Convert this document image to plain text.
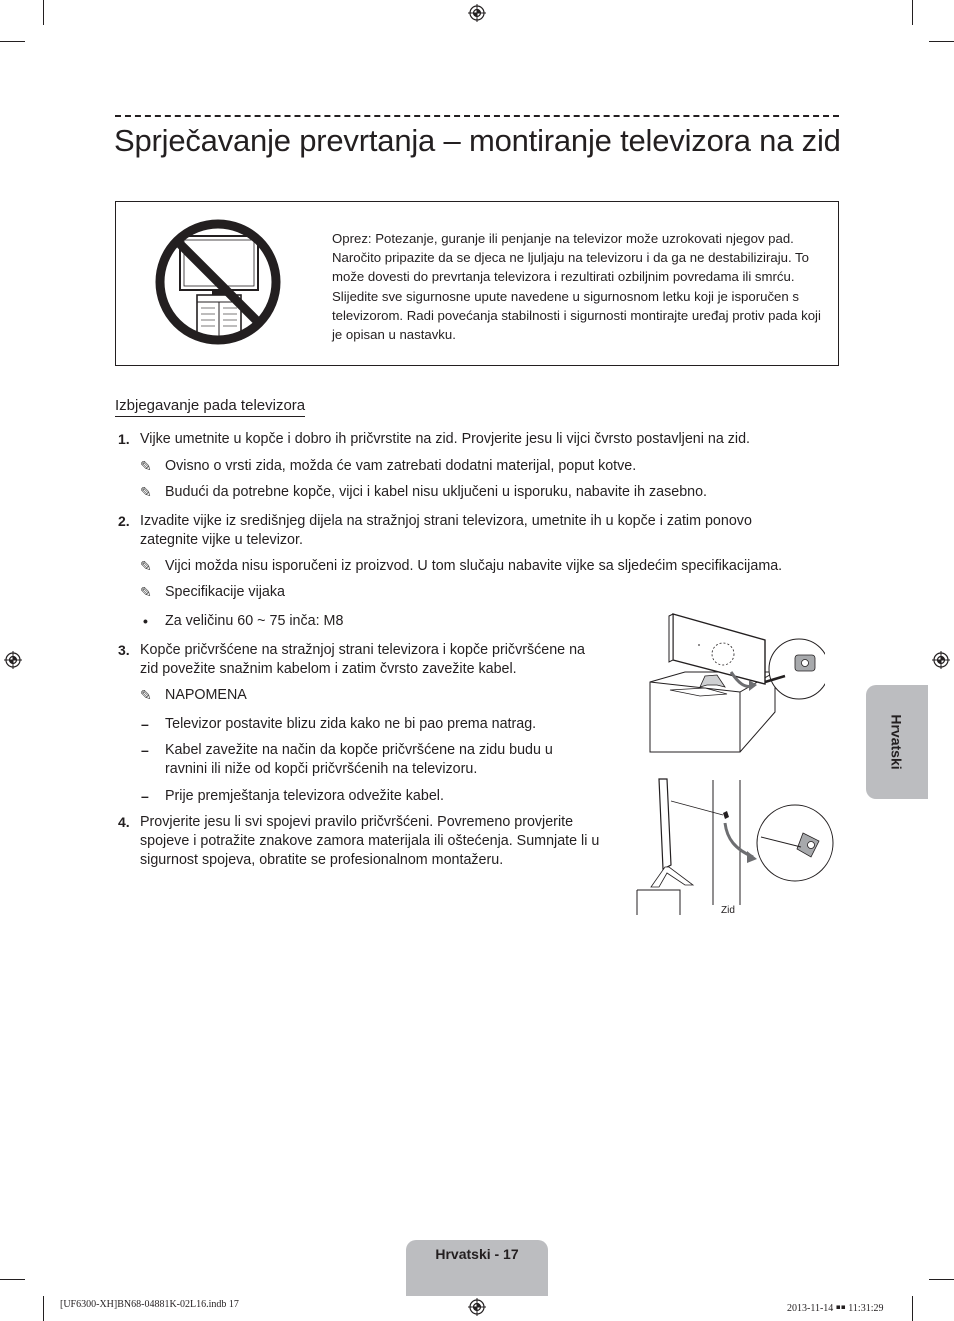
Sprječavanje prevrtanja – montiranje televizora na zid
Oprez: Potezanje, guranje ili penjanje na televizor može uzrokovati njegov pad. Naročito pripazite da se djeca ne ljuljaju na televizoru i da ga ne destabiliziraju. To može dovesti do prevrtanja televizora i rezultirati ozbiljnim povredama ili smrću. Slijedite sve sigurnosne upute navedene u sigurnosnom letku koji je isporučen s televizorom. Radi povećanja stabilnosti i sigurnosti montirajte uređaj protiv pada koji je opisan u nastavku.
Izbjegavanje pada televizora
1. Vijke umetnite u kopče i dobro ih pričvrstite na zid. Provjerite jesu li vijci čvrsto postavljeni na zid.
✎ Ovisno o vrsti zida, možda će vam zatrebati dodatni materijal, poput kotve.
✎ Budući da potrebne kopče, vijci i kabel nisu uključeni u isporuku, nabavite ih zasebno.
2. Izvadite vijke iz središnjeg dijela na stražnjoj strani televizora, umetnite ih u kopče i zatim ponovo zategnite vijke u televizor.
✎ Vijci možda nisu isporučeni iz proizvod. U tom slučaju nabavite vijke sa sljedećim specifikacijama.
✎ Specifikacije vijaka
• Za veličinu 60 ~ 75 inča: M8
3. Kopče pričvršćene na stražnjoj strani televizora i kopče pričvršćene na zid povežite snažnim kabelom i zatim čvrsto zavežite kabel.
✎ NAPOMENA
– Televizor postavite blizu zida kako ne bi pao prema natrag.
– Kabel zavežite na način da kopče pričvršćene na zidu budu u ravnini ili niže od kopči pričvršćenih na televizoru.
– Prije premještanja televizora odvežite kabel.
4. Provjerite jesu li svi spojevi pravilo pričvršćeni. Povremeno provjerite spojeve i potražite znakove zamora materijala ili oštećenja. Sumnjate li u sigurnost spojeva, obratite se profesionalnom montažeru.
Zid
Hrvatski
Hrvatski - 17
[UF6300-XH]BN68-04881K-02L16.indb 17	2013-11-14 ￭￭ 11:31:29
